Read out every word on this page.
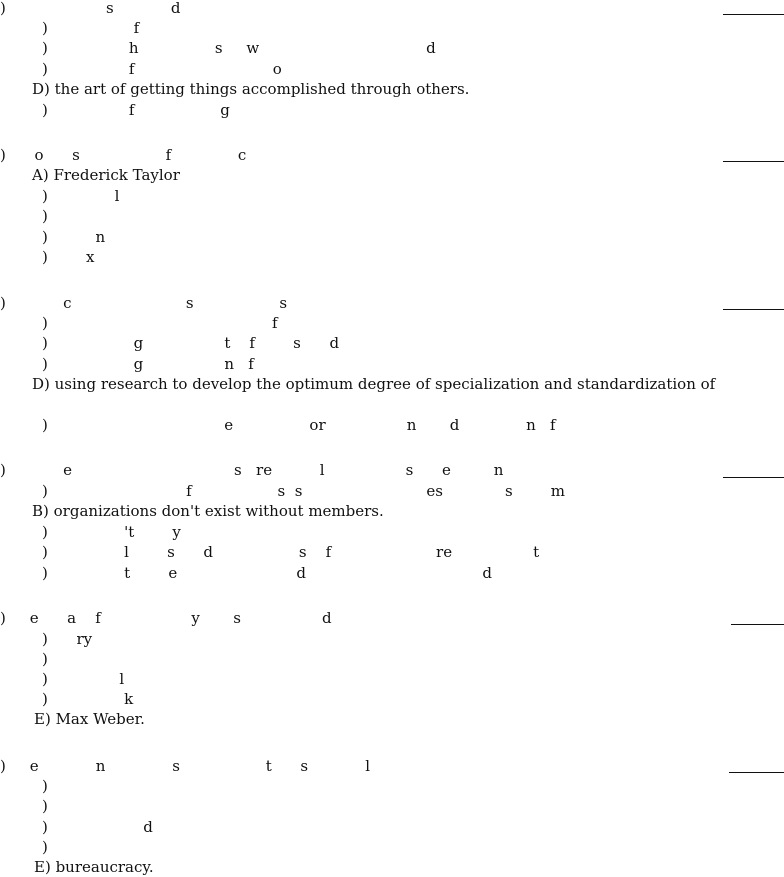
)                     s            d
)                  f
)                 h                s     w                                   d
)                 f                             o
D) the art of getting things accomplished through others.
)                 f                  g
)      o      s                  f              c
A) Frederick Taylor
)              l
)
)          n
)        x
)            c                        s                  s
)                                               f
)                  g                 t    f        s      d
)                  g                 n   f
D) using research to develop the optimum degree of specialization and standardization of
)                                     e                or                 n       d              n   f
)            e                                  s   re          l                 s      e         n
)                             f                  s  s                          es             s        m
B) organizations don't exist without members.
)                't        y
)                l        s      d                  s    f                      re                 t
)                t        e                         d                                     d
)     e      a    f                   y       s                 d
)      ry
)
)               l
)                k
E) Max Weber.
)     e            n              s                  t      s            l
)
)
)                    d
)
E) bureaucracy.
